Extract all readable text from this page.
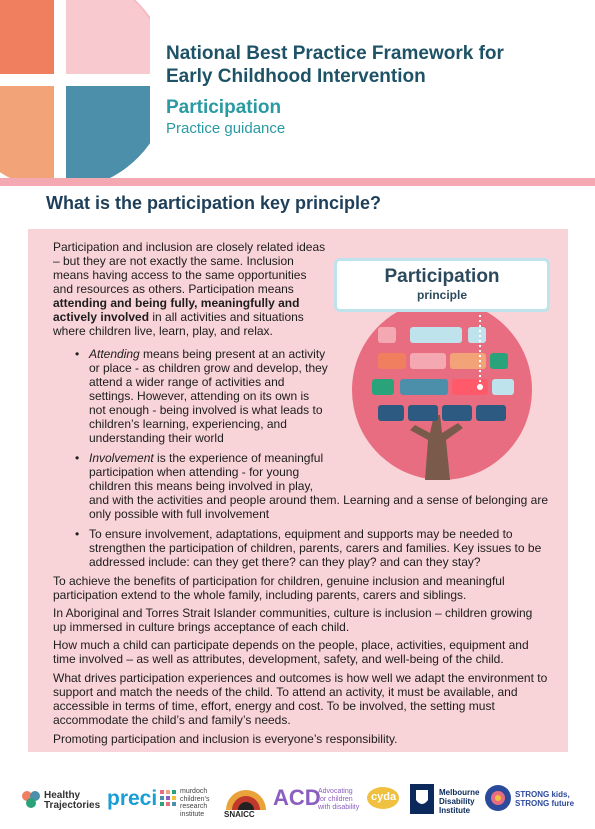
National Best Practice Framework for
Early Childhood Intervention
Participation
Practice guidance
What is the participation key principle?
Participation
principle
Participation and inclusion are closely related ideas
– but they are not exactly the same. Inclusion
means having access to the same opportunities
and resources as others. Participation means
attending and being fully, meaningfully and
actively involved in all activities and situations
where children live, learn, play, and relax.
• Attending means being present at an activity
or place - as children grow and develop, they
attend a wider range of activities and
settings. However, attending on its own is
not enough - being involved is what leads to
children’s learning, experiencing, and
understanding their world
• Involvement is the experience of meaningful
participation when attending - for young
children this means being involved in play,
and with the activities and people around them. Learning and a sense of belonging are
only possible with full involvement
• To ensure involvement, adaptations, equipment and supports may be needed to
strengthen the participation of children, parents, carers and families. Key issues to be
addressed include: can they get there? can they play? and can they stay?
To achieve the benefits of participation for children, genuine inclusion and meaningful
participation extend to the whole family, including parents, carers and siblings.
In Aboriginal and Torres Strait Islander communities, culture is inclusion – children growing
up immersed in culture brings acceptance of each child.
How much a child can participate depends on the people, place, activities, equipment and
time involved – as well as attributes, development, safety, and well-being of the child.
What drives participation experiences and outcomes is how well we adapt the environment to
support and match the needs of the child. To attend an activity, it must be available, and
accessible in terms of time, effort, energy and cost. To be involved, the setting must
accommodate the child’s and family’s needs.
Promoting participation and inclusion is everyone’s responsibility.
Healthy
Trajectories preci	murdoch
children’s
research
institute	SNAICC
ACD
Advocating
for children
with disability
cyda	Melbourne
Disability
Institute
STRONG kids,
STRONG future
